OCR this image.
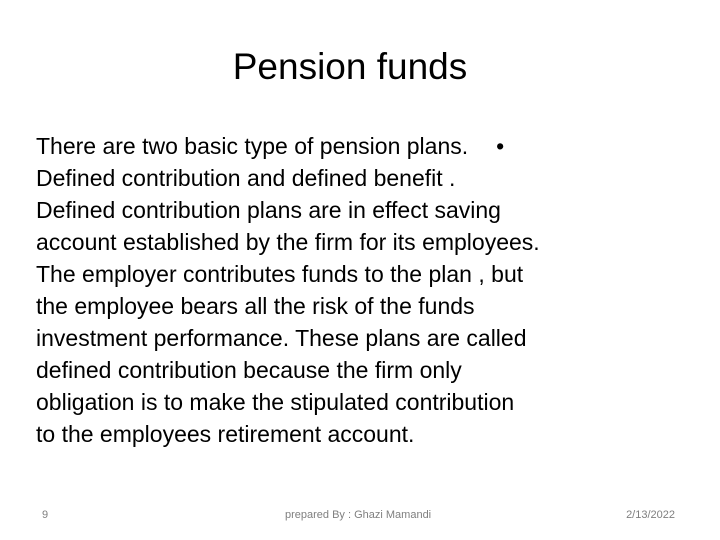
Pension funds
There are two basic type of pension plans. •
Defined contribution and defined benefit .
Defined contribution plans are in effect saving
account established by the firm for its employees.
The employer contributes funds to the plan , but
the employee bears all the risk of the funds
investment performance. These plans are called
defined contribution because the firm only
obligation is to make the stipulated contribution
to the employees retirement account.
9	prepared By : Ghazi Mamandi	2/13/2022
